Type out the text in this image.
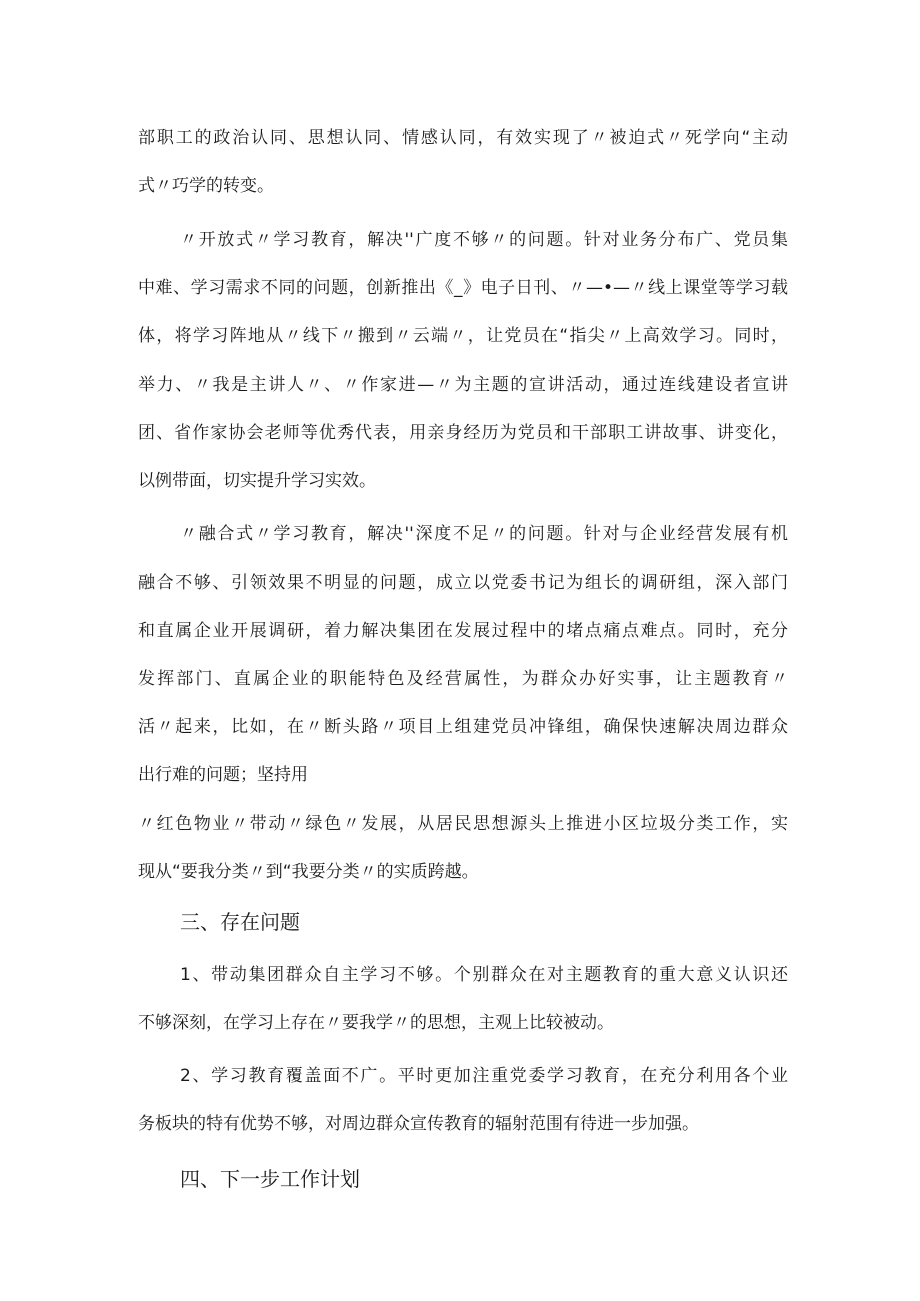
部职工的政治认同、思想认同、情感认同，有效实现了〃被迫式〃死学向“主动
式〃巧学的转变。
〃开放式〃学习教育，解决''广度不够〃的问题。针对业务分布广、党员集
中难、学习需求不同的问题，创新推出《_》电子日刊、〃—•—〃线上课堂等学习载
体，将学习阵地从〃线下〃搬到〃云端〃，让党员在“指尖〃上高效学习。同时，
举力、〃我是主讲人〃、〃作家进—〃为主题的宣讲活动，通过连线建设者宣讲
团、省作家协会老师等优秀代表，用亲身经历为党员和干部职工讲故事、讲变化，
以例带面，切实提升学习实效。
〃融合式〃学习教育，解决''深度不足〃的问题。针对与企业经营发展有机
融合不够、引领效果不明显的问题，成立以党委书记为组长的调研组，深入部门
和直属企业开展调研，着力解决集团在发展过程中的堵点痛点难点。同时，充分
发挥部门、直属企业的职能特色及经营属性，为群众办好实事，让主题教育〃
活〃起来，比如，在〃断头路〃项目上组建党员冲锋组，确保快速解决周边群众
出行难的问题；坚持用
〃红色物业〃带动〃绿色〃发展，从居民思想源头上推进小区垃圾分类工作，实
现从“要我分类〃到“我要分类〃的实质跨越。
三、存在问题
1、带动集团群众自主学习不够。个别群众在对主题教育的重大意义认识还
不够深刻，在学习上存在〃要我学〃的思想，主观上比较被动。
2、学习教育覆盖面不广。平时更加注重党委学习教育，在充分利用各个业
务板块的特有优势不够，对周边群众宣传教育的辐射范围有待进一步加强。
四、下一步工作计划
